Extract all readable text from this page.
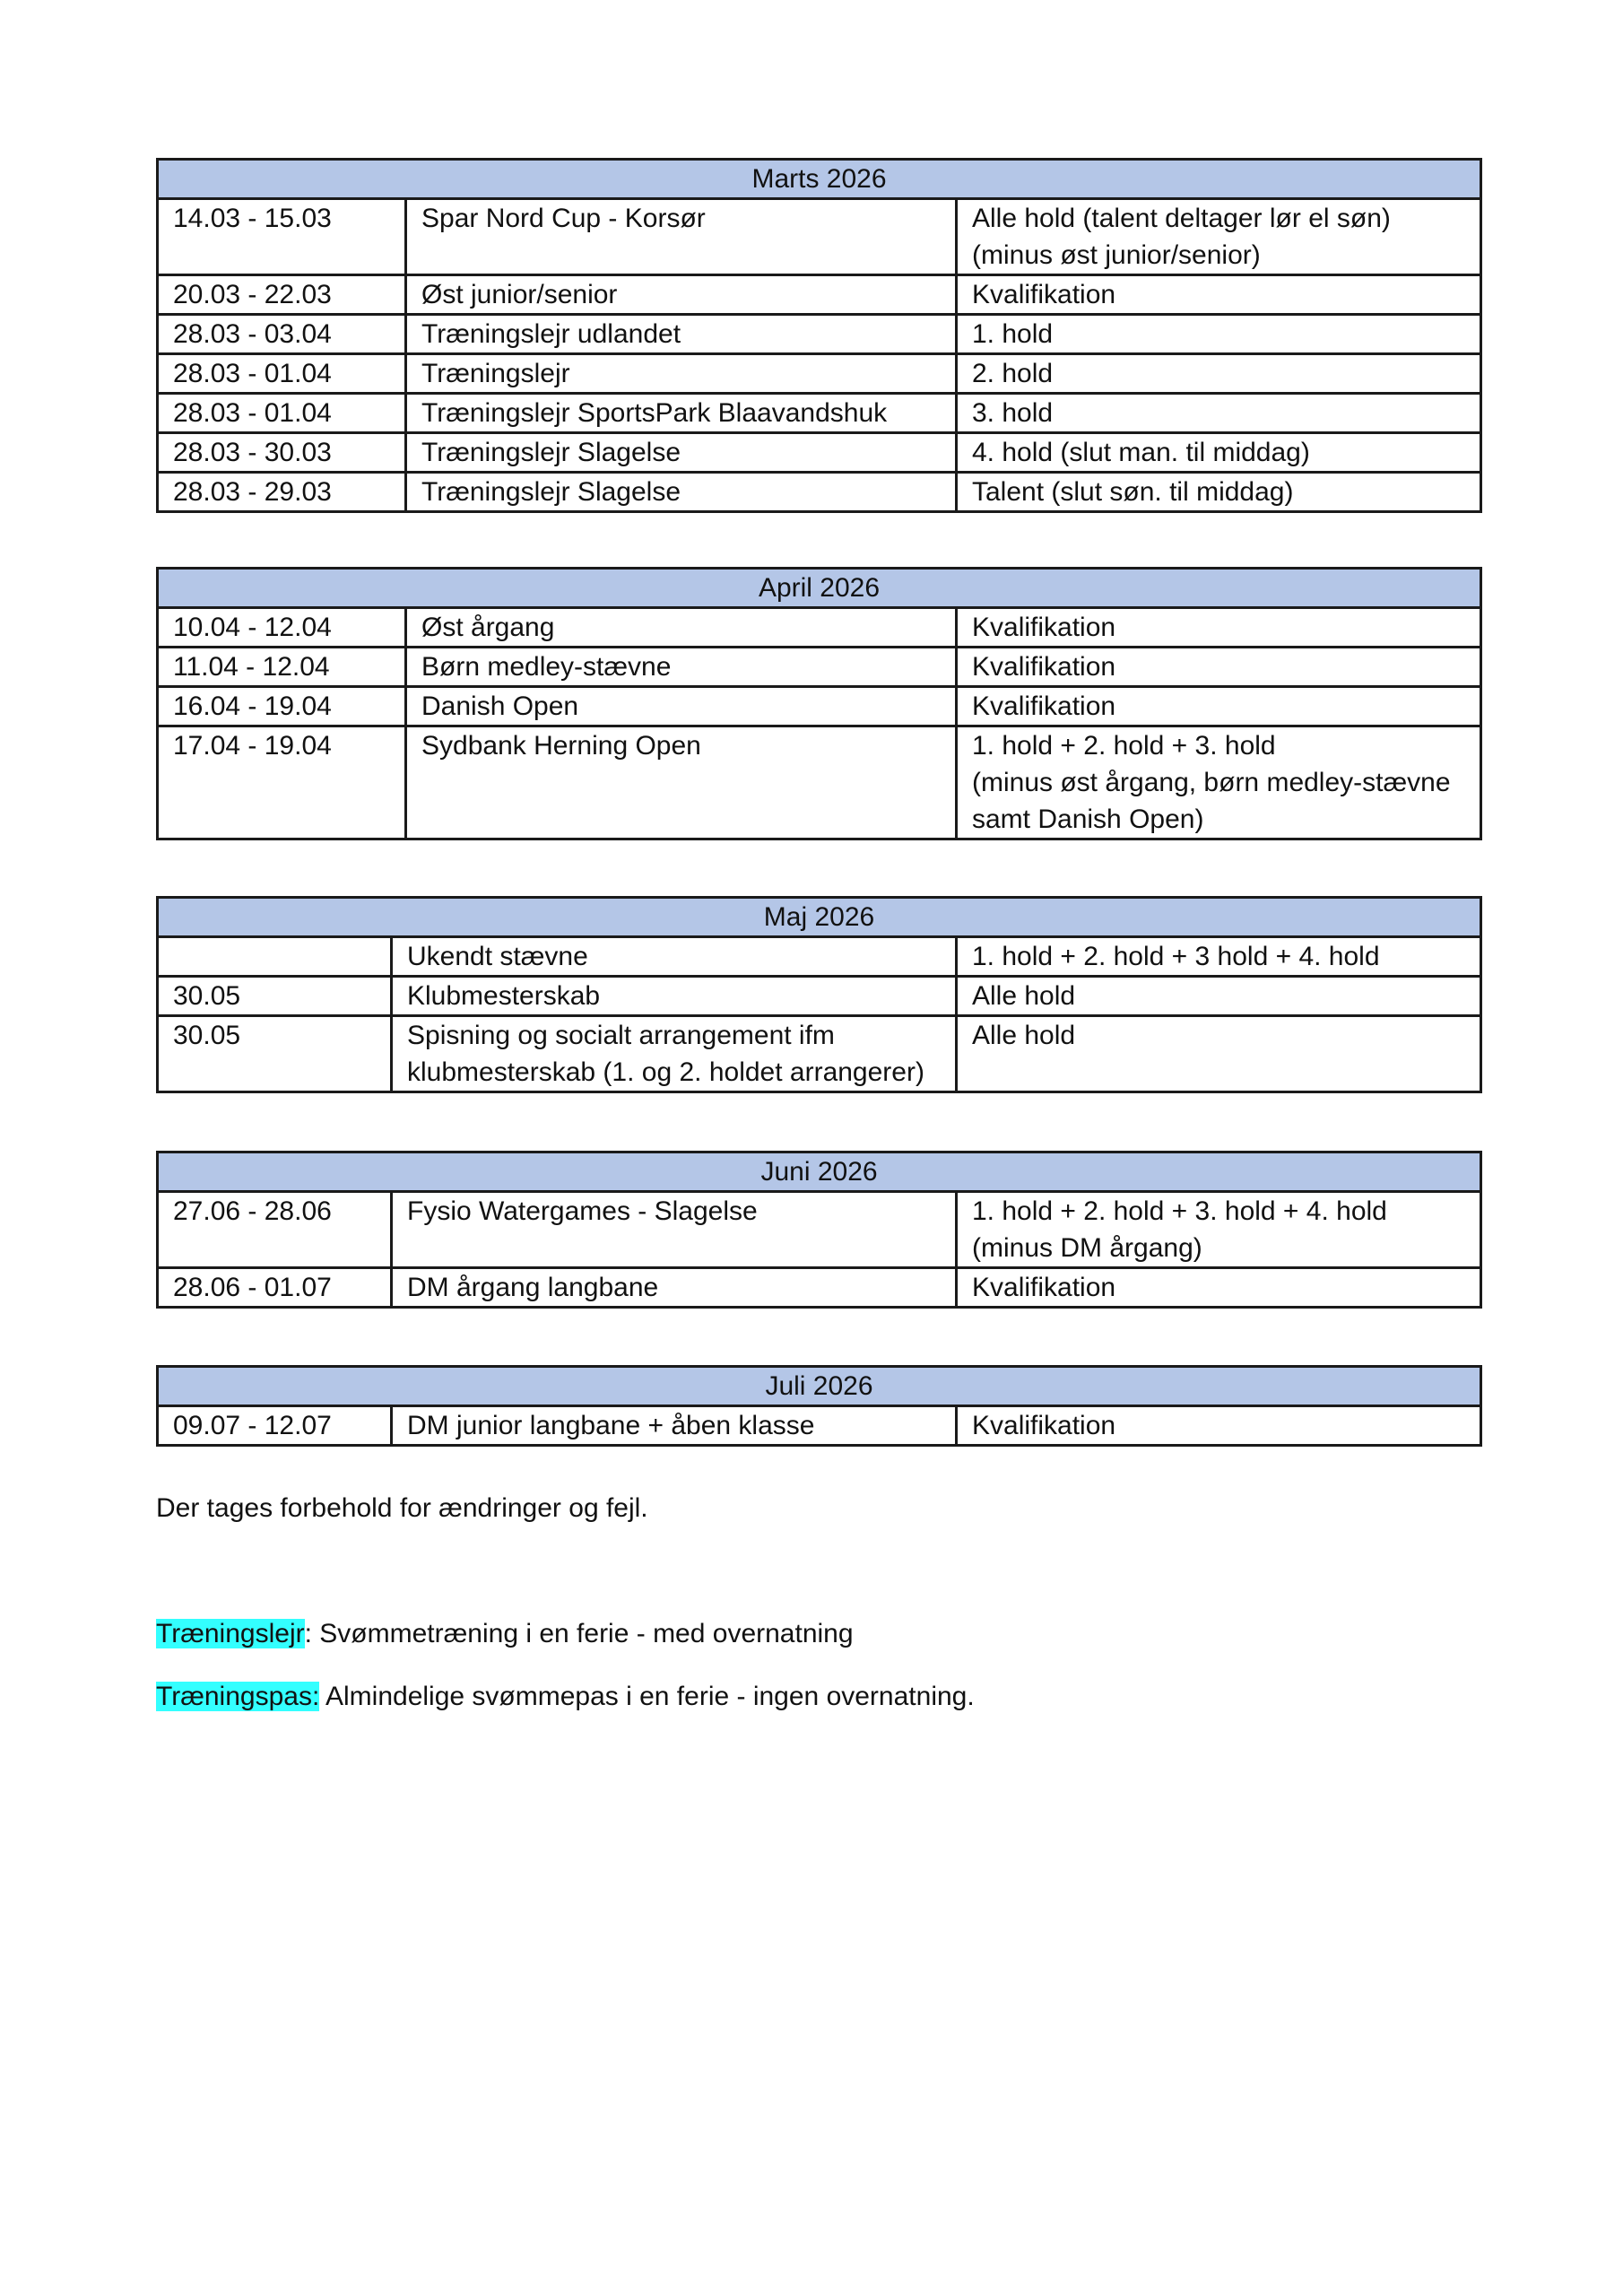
Marts 2026		
14.03 - 15.03	Spar Nord Cup - Korsør	Alle hold (talent deltager lør el søn)
(minus øst junior/senior)

20.03 - 22.03	Øst junior/senior	Kvalifikation

28.03 - 03.04	Træningslejr udlandet	1. hold

28.03 - 01.04	Træningslejr	2. hold

28.03 - 01.04	Træningslejr SportsPark Blaavandshuk	3. hold

28.03 - 30.03	Træningslejr Slagelse	4. hold (slut man. til middag)

28.03 - 29.03	Træningslejr Slagelse	Talent (slut søn. til middag)
April 2026		
10.04 - 12.04	Øst årgang	Kvalifikation

11.04 - 12.04	Børn medley-stævne	Kvalifikation

16.04 - 19.04	Danish Open	Kvalifikation

17.04 - 19.04	Sydbank Herning Open	1. hold + 2. hold + 3. hold
(minus øst årgang, børn medley-stævne
samt Danish Open)
Maj 2026		
	Ukendt stævne	1. hold + 2. hold + 3 hold + 4. hold

30.05	Klubmesterskab	Alle hold

30.05	Spisning og socialt arrangement ifm klubmesterskab (1. og 2. holdet arrangerer)	Alle hold
Juni 2026		
27.06 - 28.06	Fysio Watergames - Slagelse	1. hold + 2. hold + 3. hold + 4. hold
(minus DM årgang)

28.06 - 01.07	DM årgang langbane	Kvalifikation
Juli 2026
09.07 - 12.07	DM junior langbane + åben klasse	Kvalifikation
Der tages forbehold for ændringer og fejl.
Træningslejr: Svømmetræning i en ferie - med overnatning
Træningspas: Almindelige svømmepas i en ferie - ingen overnatning.
